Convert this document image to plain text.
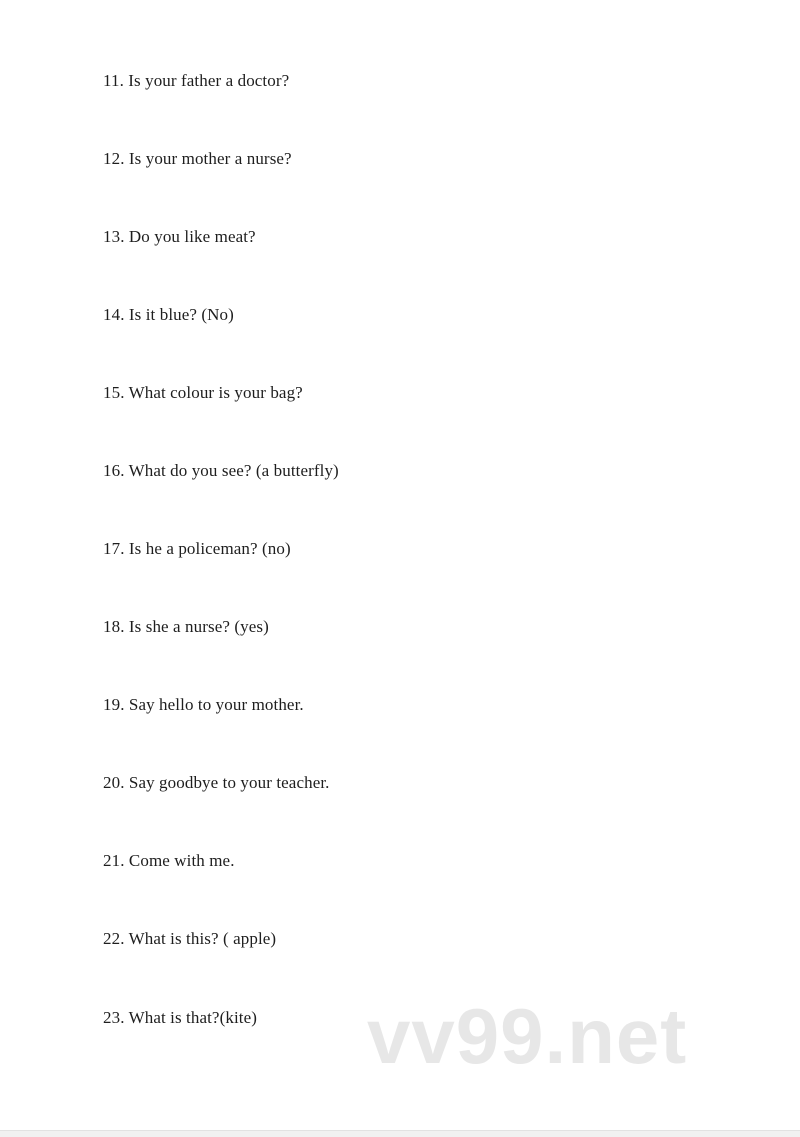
11. Is your father a doctor?
12. Is your mother a nurse?
13. Do you like meat?
14. Is it blue? (No)
15. What colour is your bag?
16. What do you see? (a butterfly)
17. Is he a policeman? (no)
18. Is she a nurse? (yes)
19. Say hello to your mother.
20. Say goodbye to your teacher.
21. Come with me.
22. What is this? ( apple)
23. What is that?(kite) vv99.net
